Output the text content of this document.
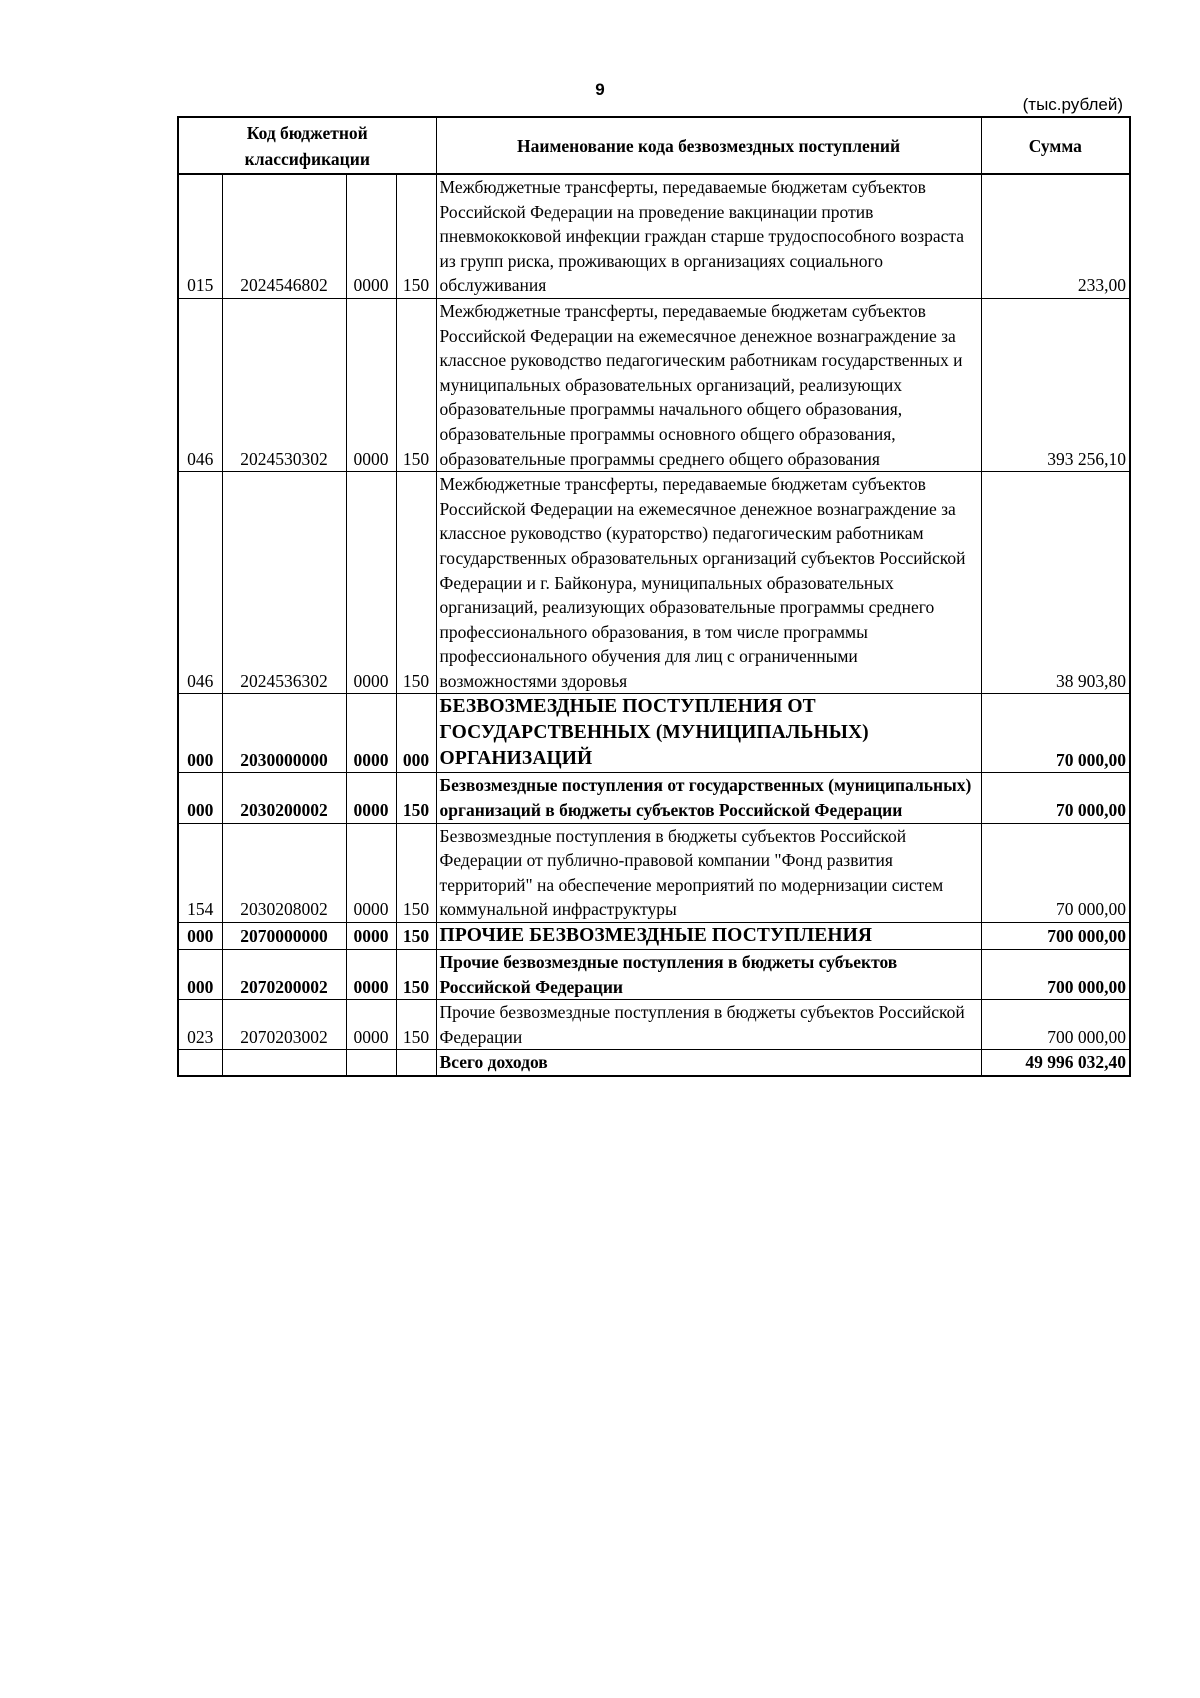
9
(тыс.рублей)
Код бюджетной классификации				Наименование кода безвозмездных поступлений	Сумма
015	2024546802	0000	150	Межбюджетные трансферты, передаваемые бюджетам субъектов Российской Федерации на проведение вакцинации против пневмококковой инфекции граждан старше трудоспособного возраста из групп риска, проживающих в организациях социального обслуживания	233,00
046	2024530302	0000	150	Межбюджетные трансферты, передаваемые бюджетам субъектов Российской Федерации на ежемесячное денежное вознаграждение за классное руководство педагогическим работникам государственных и муниципальных образовательных организаций, реализующих образовательные программы начального общего образования, образовательные программы основного общего образования, образовательные программы среднего общего образования	393 256,10
046	2024536302	0000	150	Межбюджетные трансферты, передаваемые бюджетам субъектов Российской Федерации на ежемесячное денежное вознаграждение за классное руководство (кураторство) педагогическим работникам государственных образовательных организаций субъектов Российской Федерации и г. Байконура, муниципальных образовательных организаций, реализующих образовательные программы среднего профессионального образования, в том числе программы профессионального обучения для лиц с ограниченными возможностями здоровья	38 903,80
000	2030000000	0000	000	БЕЗВОЗМЕЗДНЫЕ ПОСТУПЛЕНИЯ ОТ ГОСУДАРСТВЕННЫХ (МУНИЦИПАЛЬНЫХ) ОРГАНИЗАЦИЙ	70 000,00
000	2030200002	0000	150	Безвозмездные поступления от государственных (муниципальных) организаций в бюджеты субъектов Российской Федерации	70 000,00
154	2030208002	0000	150	Безвозмездные поступления в бюджеты субъектов Российской Федерации от публично-правовой компании "Фонд развития территорий" на обеспечение мероприятий по модернизации систем коммунальной инфраструктуры	70 000,00
000	2070000000	0000	150	ПРОЧИЕ БЕЗВОЗМЕЗДНЫЕ ПОСТУПЛЕНИЯ	700 000,00
000	2070200002	0000	150	Прочие безвозмездные поступления в бюджеты субъектов Российской Федерации	700 000,00
023	2070203002	0000	150	Прочие безвозмездные поступления в бюджеты субъектов Российской Федерации	700 000,00
				Всего доходов	49 996 032,40
